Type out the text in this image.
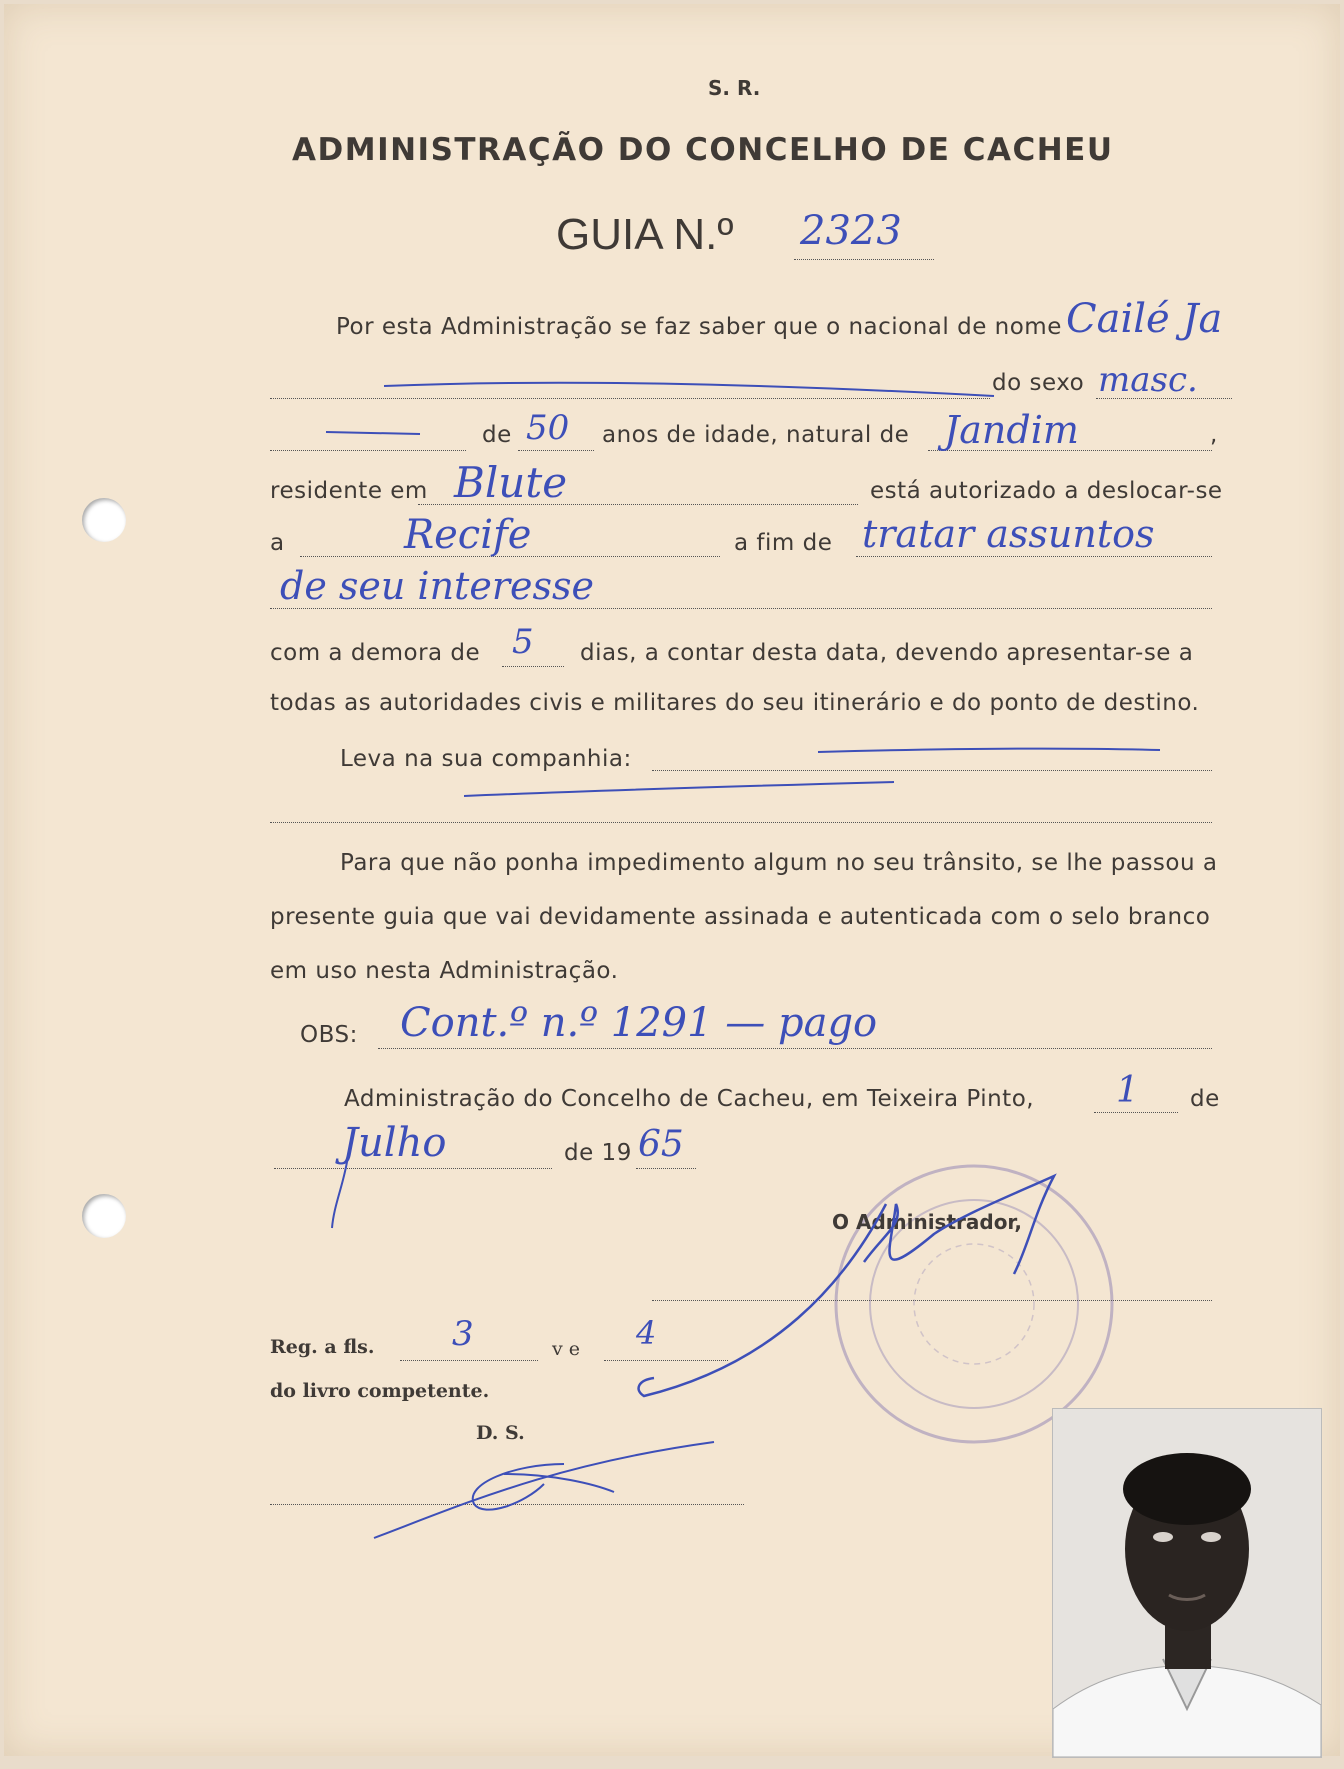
S. R.
ADMINISTRAÇÃO DO CONCELHO DE CACHEU
GUIA N.º 2323
Por esta Administração se faz saber que o nacional de nome Cailé Ja
do sexo masc.
de 50 anos de idade, natural de Jandim	,
residente em Blute	está autorizado a deslocar-se
a	Recife	a fim de tratar assuntos
de seu interesse
com a demora de 5 dias, a contar desta data, devendo apresentar-se a
todas as autoridades civis e militares do seu itinerário e do ponto de destino.
Leva na sua companhia:
Para que não ponha impedimento algum no seu trânsito, se lhe passou a
presente guia que vai devidamente assinada e autenticada com o selo branco
em uso nesta Administração.
OBS: Cont.º n.º 1291 — pago
Administração do Concelho de Cacheu, em Teixeira Pinto, 1 de
Julho	de 19 65
O Administrador,
Reg. a fls. 3	v e 4
do livro competente.
D. S.
